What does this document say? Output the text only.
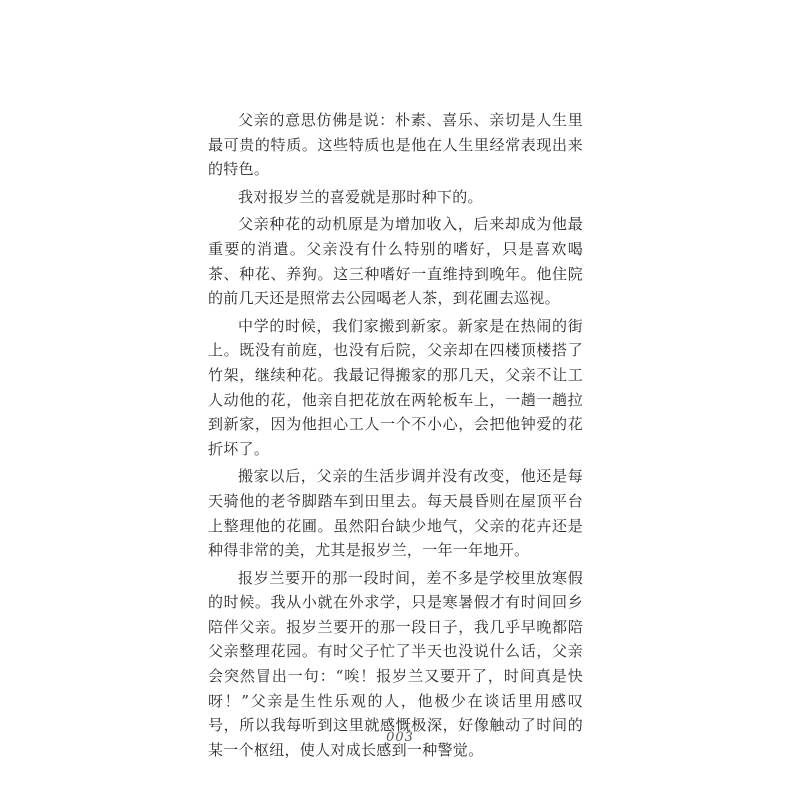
父亲的意思仿佛是说：朴素、喜乐、亲切是人生里最可贵的特质。这些特质也是他在人生里经常表现出来的特色。

我对报岁兰的喜爱就是那时种下的。

父亲种花的动机原是为增加收入，后来却成为他最重要的消遣。父亲没有什么特别的嗜好，只是喜欢喝茶、种花、养狗。这三种嗜好一直维持到晚年。他住院的前几天还是照常去公园喝老人茶，到花圃去巡视。

中学的时候，我们家搬到新家。新家是在热闹的街上。既没有前庭，也没有后院，父亲却在四楼顶楼搭了竹架，继续种花。我最记得搬家的那几天，父亲不让工人动他的花，他亲自把花放在两轮板车上，一趟一趟拉到新家，因为他担心工人一个不小心，会把他钟爱的花折坏了。

搬家以后，父亲的生活步调并没有改变，他还是每天骑他的老爷脚踏车到田里去。每天晨昏则在屋顶平台上整理他的花圃。虽然阳台缺少地气，父亲的花卉还是种得非常的美，尤其是报岁兰，一年一年地开。

报岁兰要开的那一段时间，差不多是学校里放寒假的时候。我从小就在外求学，只是寒暑假才有时间回乡陪伴父亲。报岁兰要开的那一段日子，我几乎早晚都陪父亲整理花园。有时父子忙了半天也没说什么话，父亲会突然冒出一句：“唉！报岁兰又要开了，时间真是快呀！”父亲是生性乐观的人，他极少在谈话里用感叹号，所以我每听到这里就感慨极深，好像触动了时间的某一个枢纽，使人对成长感到一种警觉。

003
